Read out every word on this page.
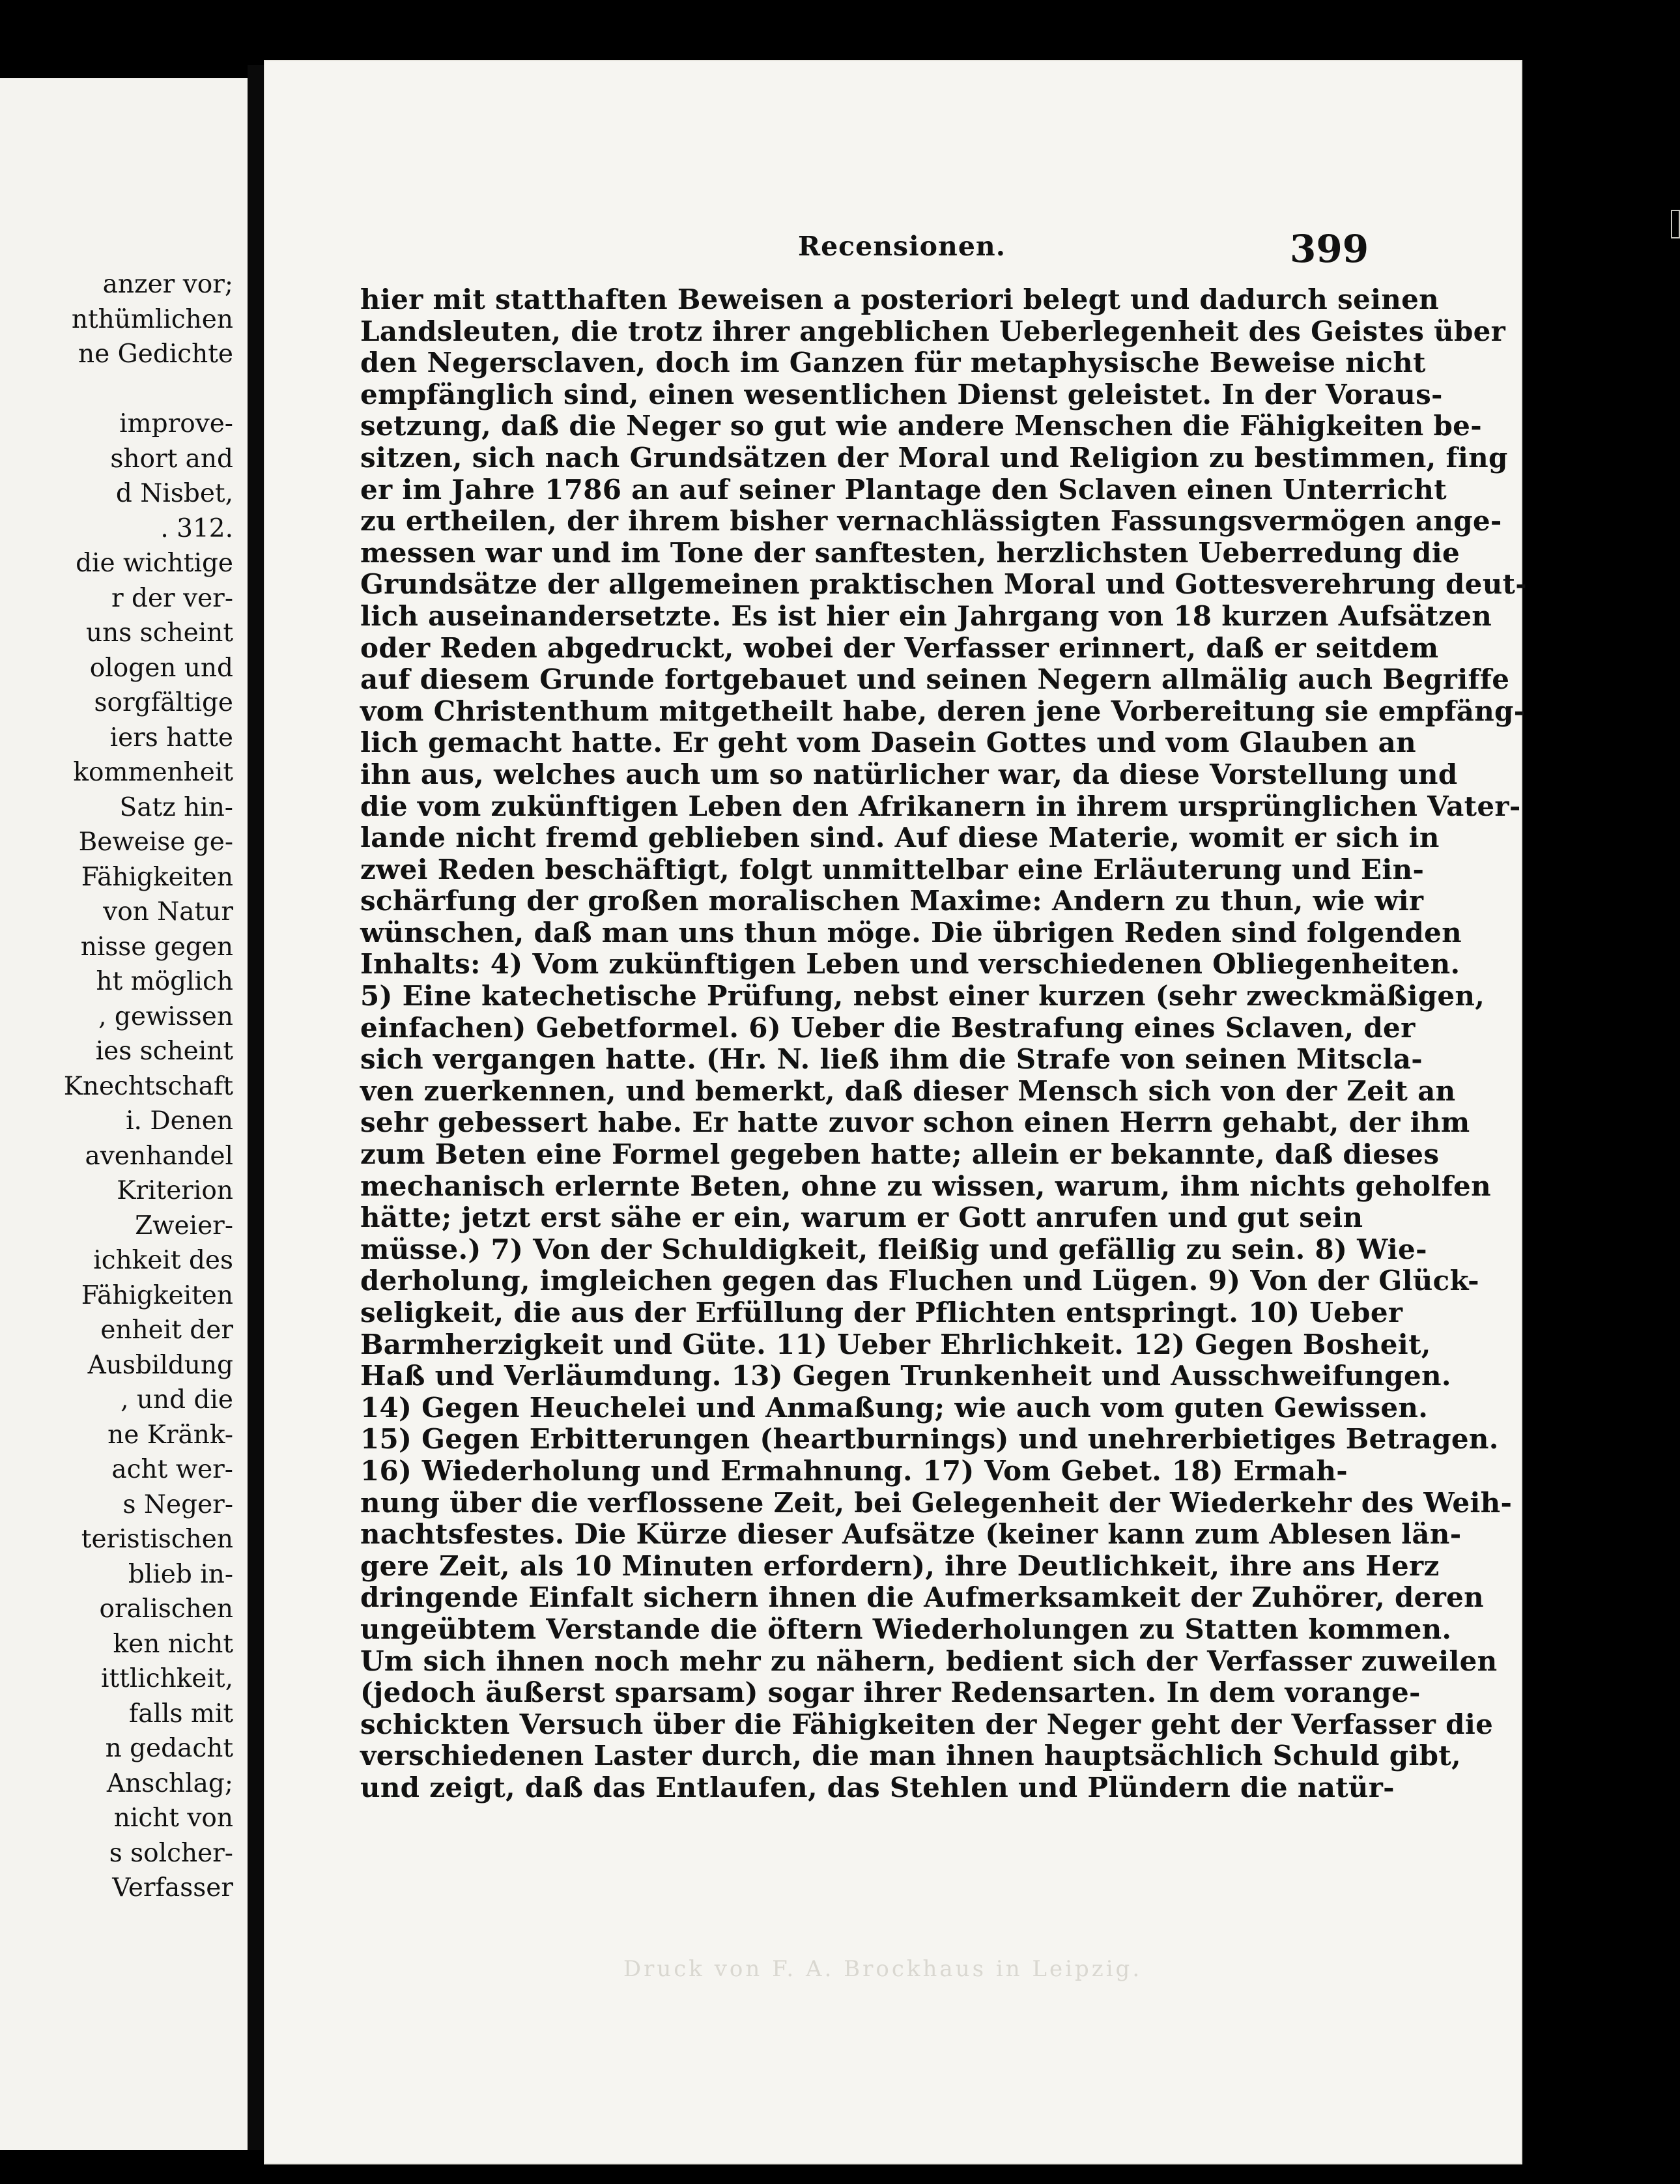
anzer vor;
nthümlichen
ne Gedichte
improve-
short and
d Nisbet,
. 312.
die wichtige
r der ver-
uns scheint
ologen und
sorgfältige
iers hatte
kommenheit
Satz hin-
Beweise ge-
Fähigkeiten
von Natur
nisse gegen
ht möglich
, gewissen
ies scheint
Knechtschaft
i. Denen
avenhandel
Kriterion
Zweier-
ichkeit des
Fähigkeiten
enheit der
Ausbildung
, und die
ne Kränk-
acht wer-
s Neger-
teristischen
blieb in-
oralischen
ken nicht
ittlichkeit,
falls mit
n gedacht
Anschlag;
nicht von
s solcher-
Verfasser
Recensionen.	399
hier mit statthaften Beweisen a posteriori belegt und dadurch seinen
Landsleuten, die trotz ihrer angeblichen Ueberlegenheit des Geistes über
den Negersclaven, doch im Ganzen für metaphysische Beweise nicht
empfänglich sind, einen wesentlichen Dienst geleistet. In der Voraus-
setzung, daß die Neger so gut wie andere Menschen die Fähigkeiten be-
sitzen, sich nach Grundsätzen der Moral und Religion zu bestimmen, fing
er im Jahre 1786 an auf seiner Plantage den Sclaven einen Unterricht
zu ertheilen, der ihrem bisher vernachlässigten Fassungsvermögen ange-
messen war und im Tone der sanftesten, herzlichsten Ueberredung die
Grundsätze der allgemeinen praktischen Moral und Gottesverehrung deut-
lich auseinandersetzte. Es ist hier ein Jahrgang von 18 kurzen Aufsätzen
oder Reden abgedruckt, wobei der Verfasser erinnert, daß er seitdem
auf diesem Grunde fortgebauet und seinen Negern allmälig auch Begriffe
vom Christenthum mitgetheilt habe, deren jene Vorbereitung sie empfäng-
lich gemacht hatte. Er geht vom Dasein Gottes und vom Glauben an
ihn aus, welches auch um so natürlicher war, da diese Vorstellung und
die vom zukünftigen Leben den Afrikanern in ihrem ursprünglichen Vater-
lande nicht fremd geblieben sind. Auf diese Materie, womit er sich in
zwei Reden beschäftigt, folgt unmittelbar eine Erläuterung und Ein-
schärfung der großen moralischen Maxime: Andern zu thun, wie wir
wünschen, daß man uns thun möge. Die übrigen Reden sind folgenden
Inhalts: 4) Vom zukünftigen Leben und verschiedenen Obliegenheiten.
5) Eine katechetische Prüfung, nebst einer kurzen (sehr zweckmäßigen,
einfachen) Gebetformel. 6) Ueber die Bestrafung eines Sclaven, der
sich vergangen hatte. (Hr. N. ließ ihm die Strafe von seinen Mitscla-
ven zuerkennen, und bemerkt, daß dieser Mensch sich von der Zeit an
sehr gebessert habe. Er hatte zuvor schon einen Herrn gehabt, der ihm
zum Beten eine Formel gegeben hatte; allein er bekannte, daß dieses
mechanisch erlernte Beten, ohne zu wissen, warum, ihm nichts geholfen
hätte; jetzt erst sähe er ein, warum er Gott anrufen und gut sein
müsse.) 7) Von der Schuldigkeit, fleißig und gefällig zu sein. 8) Wie-
derholung, imgleichen gegen das Fluchen und Lügen. 9) Von der Glück-
seligkeit, die aus der Erfüllung der Pflichten entspringt. 10) Ueber
Barmherzigkeit und Güte. 11) Ueber Ehrlichkeit. 12) Gegen Bosheit,
Haß und Verläumdung. 13) Gegen Trunkenheit und Ausschweifungen.
14) Gegen Heuchelei und Anmaßung; wie auch vom guten Gewissen.
15) Gegen Erbitterungen (heartburnings) und unehrerbietiges Betragen.
16) Wiederholung und Ermahnung. 17) Vom Gebet. 18) Ermah-
nung über die verflossene Zeit, bei Gelegenheit der Wiederkehr des Weih-
nachtsfestes. Die Kürze dieser Aufsätze (keiner kann zum Ablesen län-
gere Zeit, als 10 Minuten erfordern), ihre Deutlichkeit, ihre ans Herz
dringende Einfalt sichern ihnen die Aufmerksamkeit der Zuhörer, deren
ungeübtem Verstande die öftern Wiederholungen zu Statten kommen.
Um sich ihnen noch mehr zu nähern, bedient sich der Verfasser zuweilen
(jedoch äußerst sparsam) sogar ihrer Redensarten. In dem vorange-
schickten Versuch über die Fähigkeiten der Neger geht der Verfasser die
verschiedenen Laster durch, die man ihnen hauptsächlich Schuld gibt,
und zeigt, daß das Entlaufen, das Stehlen und Plündern die natür-
Druck von F. A. Brockhaus in Leipzig.
